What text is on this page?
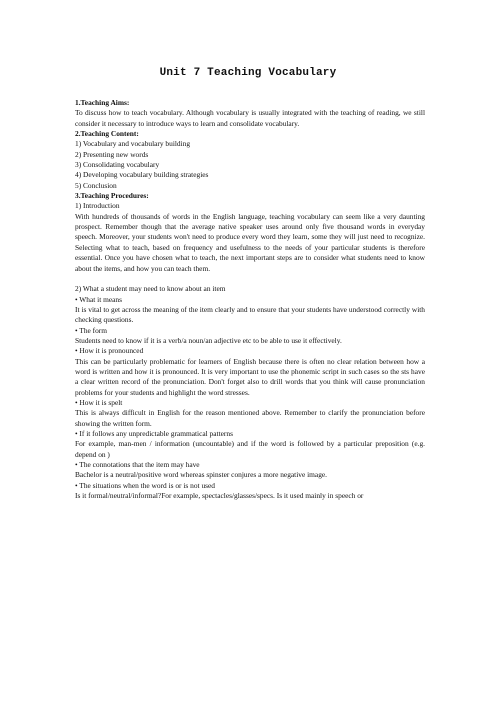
Unit 7 Teaching Vocabulary

1.Teaching Aims:

To discuss how to teach vocabulary. Although vocabulary is usually integrated with the teaching of reading, we still consider it necessary to introduce ways to learn and consolidate vocabulary.

2.Teaching Content:

1) Vocabulary and vocabulary building

2) Presenting new words

3) Consolidating vocabulary

4) Developing vocabulary building strategies

5) Conclusion

3.Teaching Procedures:

1) Introduction

With hundreds of thousands of words in the English language, teaching vocabulary can seem like a very daunting prospect. Remember though that the average native speaker uses around only five thousand words in everyday speech. Moreover, your students won't need to produce every word they learn, some they will just need to recognize. Selecting what to teach, based on frequency and usefulness to the needs of your particular students is therefore essential. Once you have chosen what to teach, the next important steps are to consider what students need to know about the items, and how you can teach them.

2) What a student may need to know about an item

• What it means

It is vital to get across the meaning of the item clearly and to ensure that your students have understood correctly with checking questions.

• The form

Students need to know if it is a verb/a noun/an adjective etc to be able to use it effectively.

• How it is pronounced

This can be particularly problematic for learners of English because there is often no clear relation between how a word is written and how it is pronounced. It is very important to use the phonemic script in such cases so the sts have a clear written record of the pronunciation. Don't forget also to drill words that you think will cause pronunciation problems for your students and highlight the word stresses.

• How it is spelt

This is always difficult in English for the reason mentioned above. Remember to clarify the pronunciation before showing the written form.

• If it follows any unpredictable grammatical patterns

For example, man-men / information (uncountable) and if the word is followed by a particular preposition (e.g. depend on )

• The connotations that the item may have

Bachelor is a neutral/positive word whereas spinster conjures a more negative image.

• The situations when the word is or is not used

Is it formal/neutral/informal?For example, spectacles/glasses/specs. Is it used mainly in speech or
